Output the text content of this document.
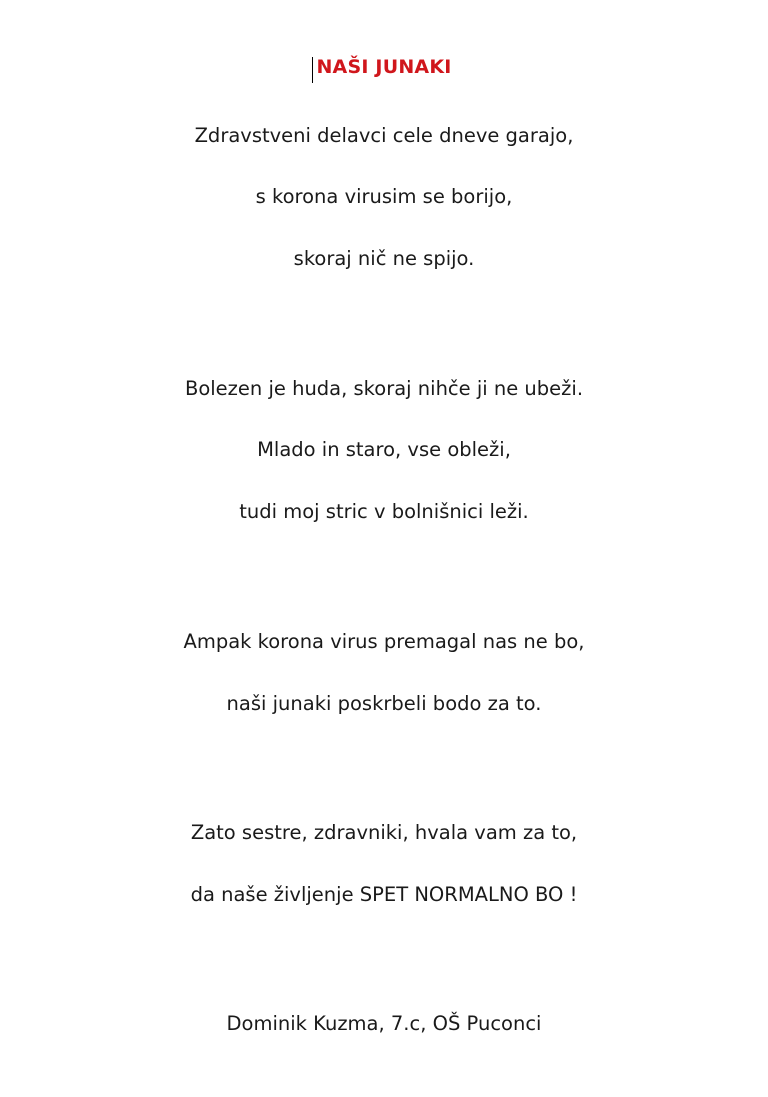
NAŠI JUNAKI
Zdravstveni delavci cele dneve garajo,
s korona virusim se borijo,
skoraj nič ne spijo.
Bolezen je huda, skoraj nihče ji ne ubeži.
Mlado in staro, vse obleži,
tudi moj stric v bolnišnici leži.
Ampak korona virus premagal nas ne bo,
naši junaki poskrbeli bodo za to.
Zato sestre, zdravniki, hvala vam za to,
da naše življenje SPET NORMALNO BO !
Dominik Kuzma, 7.c, OŠ Puconci
